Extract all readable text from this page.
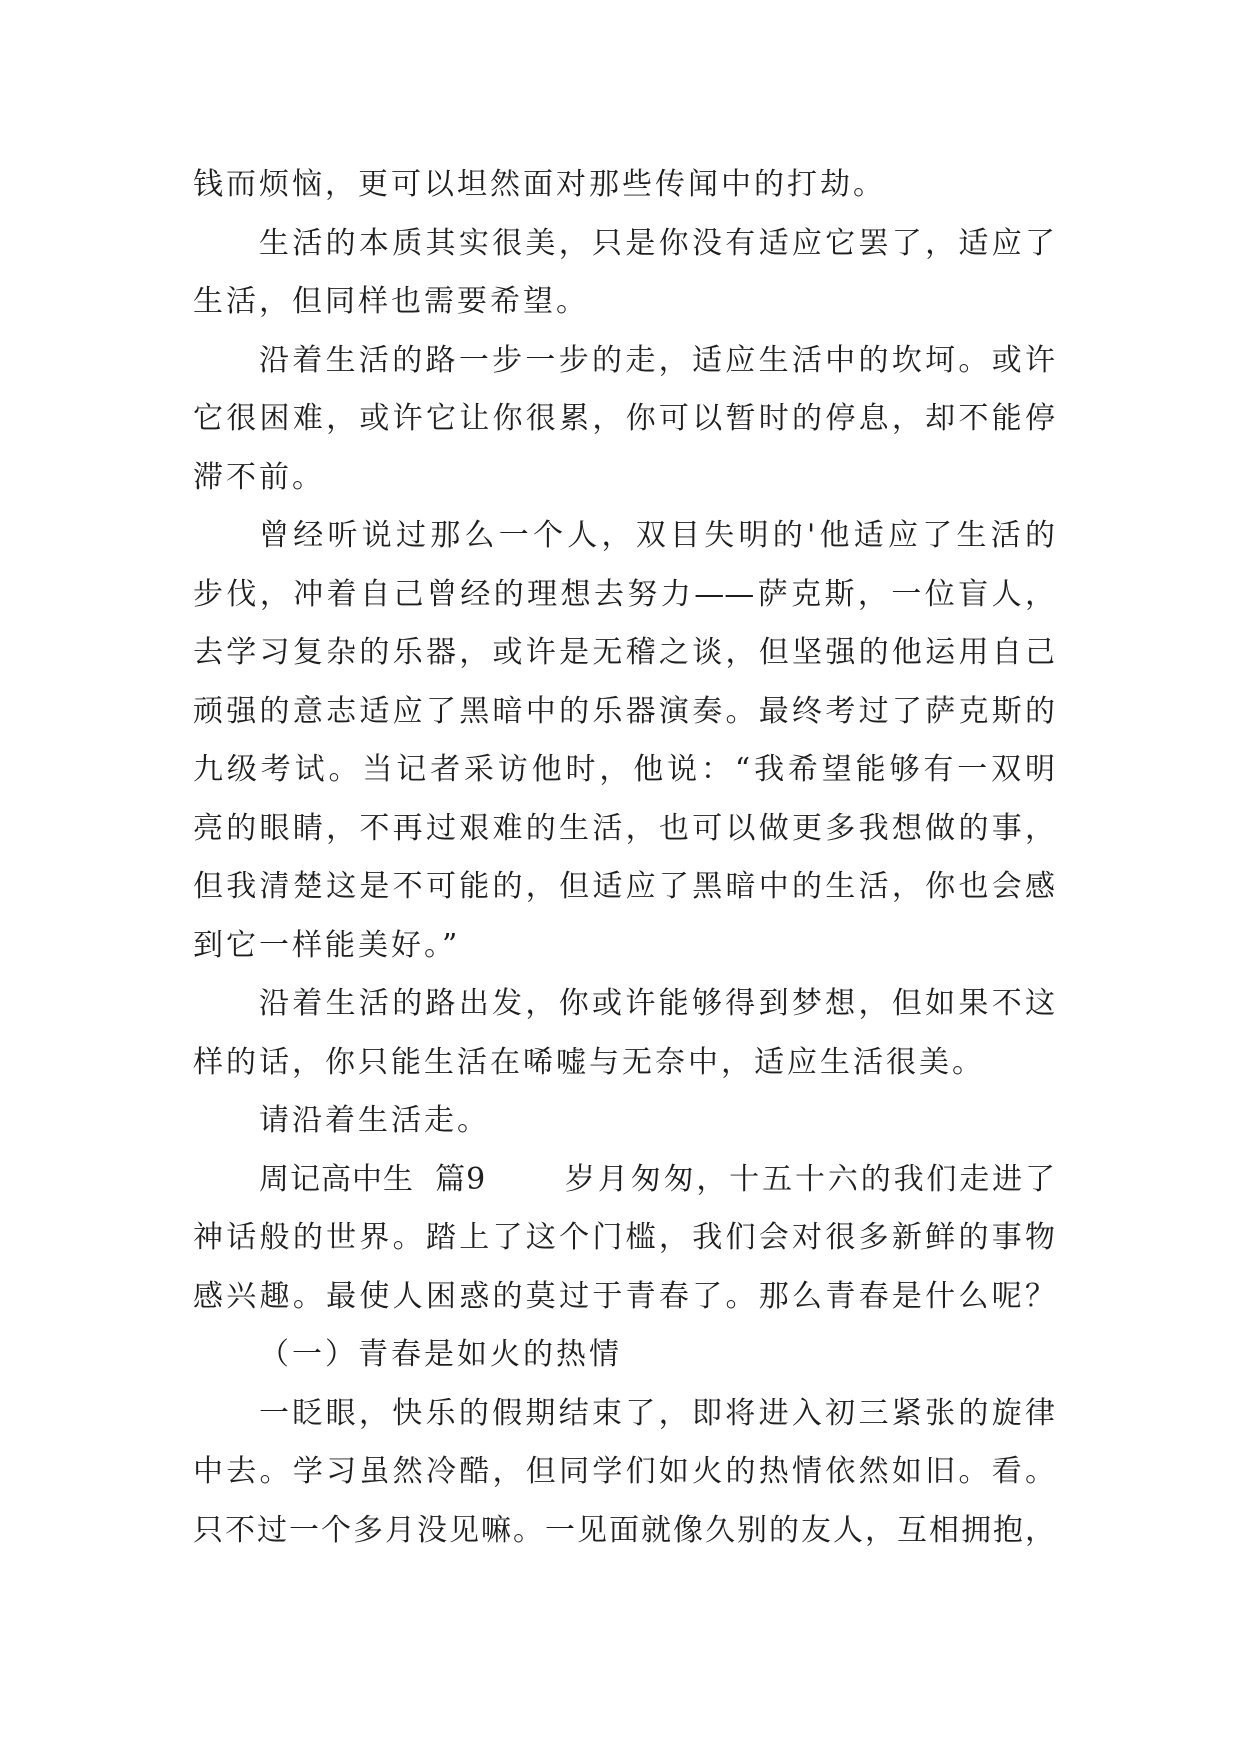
钱而烦恼，更可以坦然面对那些传闻中的打劫。
生活的本质其实很美，只是你没有适应它罢了，适应了
生活，但同样也需要希望。
沿着生活的路一步一步的走，适应生活中的坎坷。或许
它很困难，或许它让你很累，你可以暂时的停息，却不能停
滞不前。
曾经听说过那么一个人，双目失明的'他适应了生活的
步伐，冲着自己曾经的理想去努力——萨克斯，一位盲人，
去学习复杂的乐器，或许是无稽之谈，但坚强的他运用自己
顽强的意志适应了黑暗中的乐器演奏。最终考过了萨克斯的
九级考试。当记者采访他时，他说：“我希望能够有一双明
亮的眼睛，不再过艰难的生活，也可以做更多我想做的事，
但我清楚这是不可能的，但适应了黑暗中的生活，你也会感
到它一样能美好。”
沿着生活的路出发，你或许能够得到梦想，但如果不这
样的话，你只能生活在唏嘘与无奈中，适应生活很美。
请沿着生活走。
周记高中生  篇9	岁月匆匆，十五十六的我们走进了
神话般的世界。踏上了这个门槛，我们会对很多新鲜的事物
感兴趣。最使人困惑的莫过于青春了。那么青春是什么呢？
（一）青春是如火的热情
一眨眼，快乐的假期结束了，即将进入初三紧张的旋律
中去。学习虽然冷酷，但同学们如火的热情依然如旧。看。
只不过一个多月没见嘛。一见面就像久别的友人，互相拥抱，
